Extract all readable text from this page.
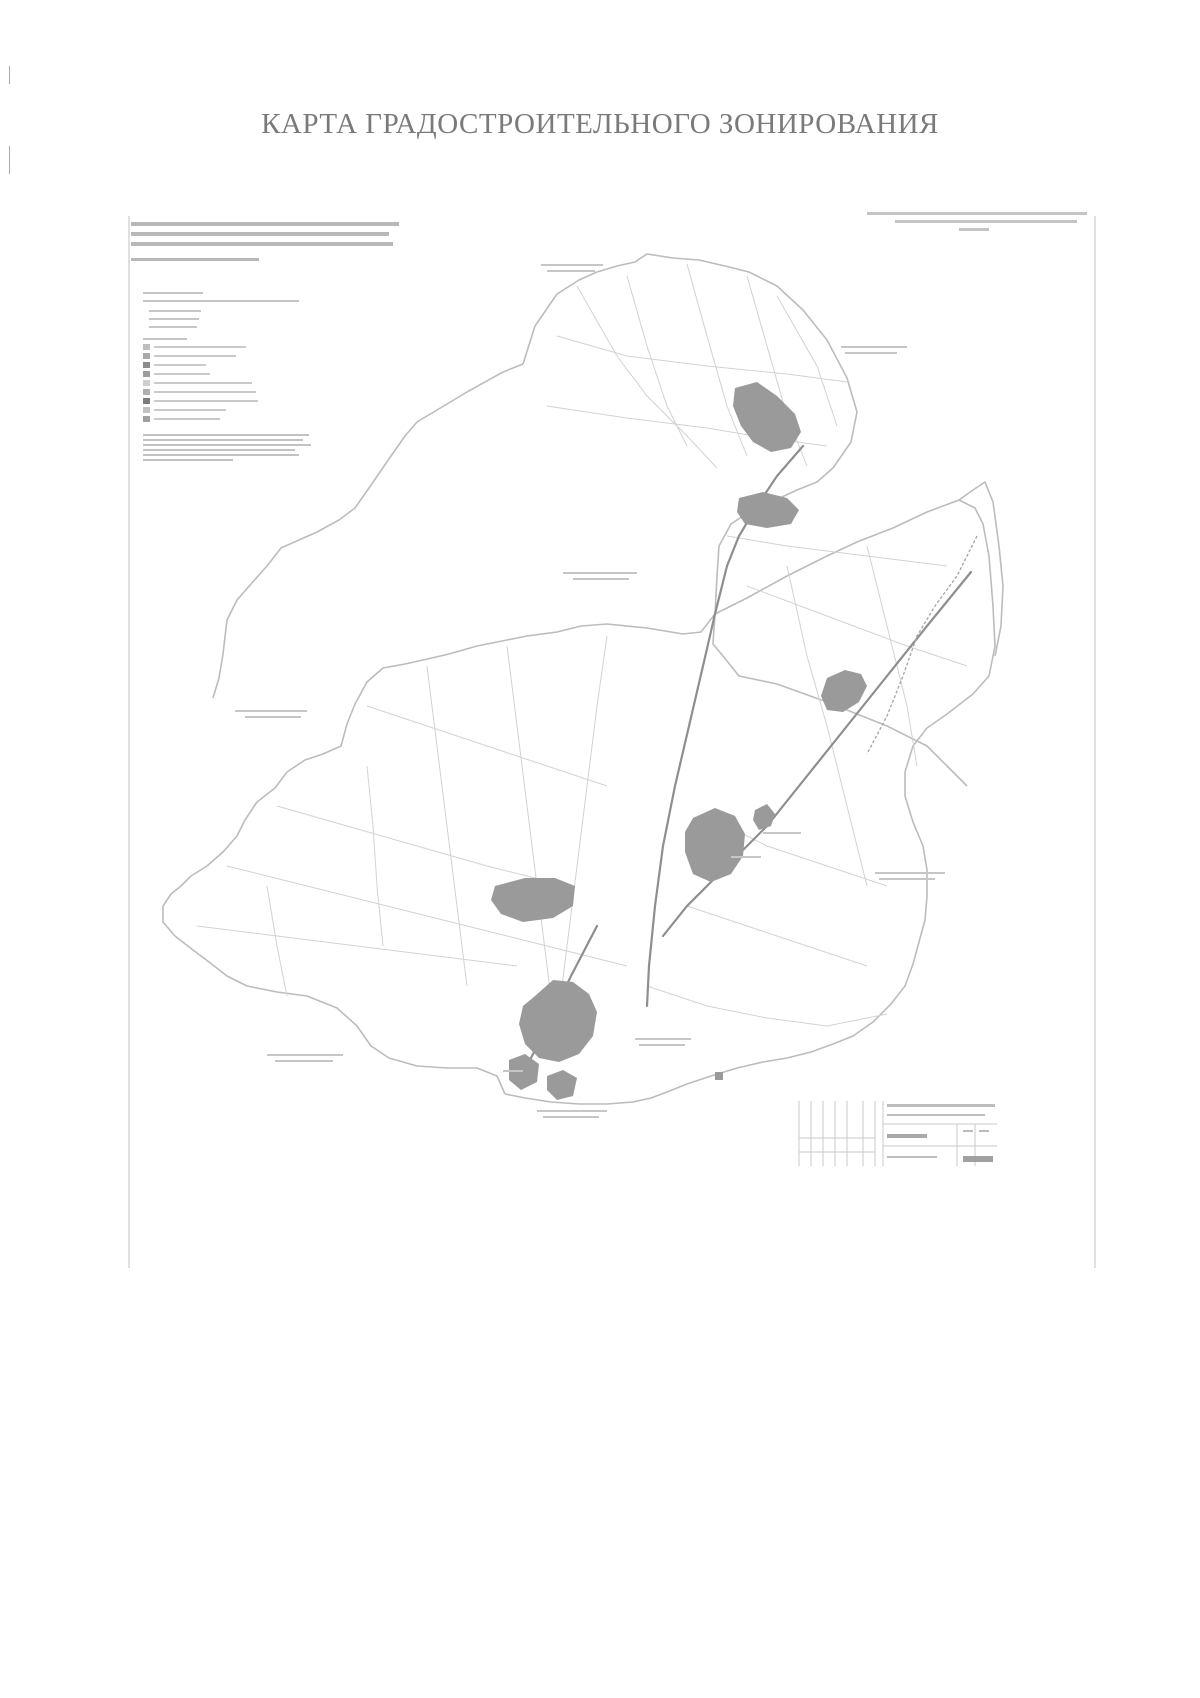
КАРТА ГРАДОСТРОИТЕЛЬНОГО ЗОНИРОВАНИЯ
